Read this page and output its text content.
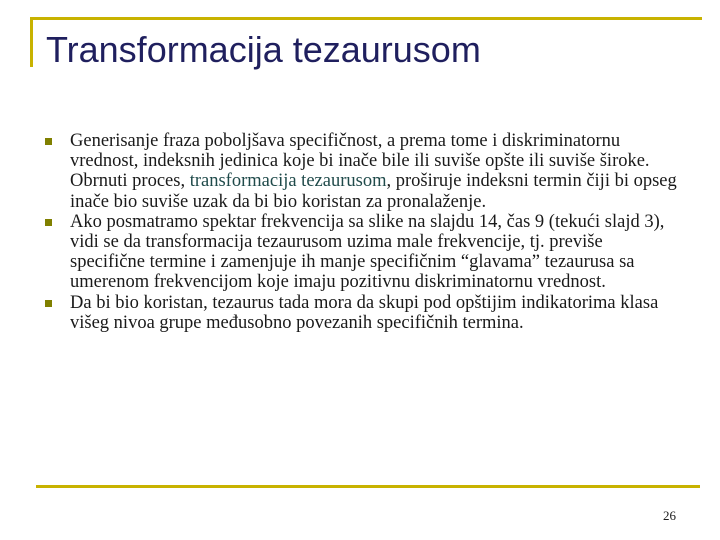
Transformacija tezaurusom
Generisanje fraza poboljšava specifičnost, a prema tome i diskriminatornu vrednost, indeksnih jedinica koje bi inače bile ili suviše opšte ili suviše široke. Obrnuti proces, transformacija tezaurusom, proširuje indeksni termin čiji bi opseg inače bio suviše uzak da bi bio koristan za pronalaženje.
Ako posmatramo spektar frekvencija sa slike na slajdu 14, čas 9 (tekući slajd 3), vidi se da transformacija tezaurusom uzima male frekvencije, tj. previše specifične termine i zamenjuje ih manje specifičnim “glavama” tezaurusa sa umerenom frekvencijom koje imaju pozitivnu diskriminatornu vrednost.
Da bi bio koristan, tezaurus tada mora da skupi pod opštijim indikatorima klasa višeg nivoa grupe međusobno povezanih specifičnih termina.
26
